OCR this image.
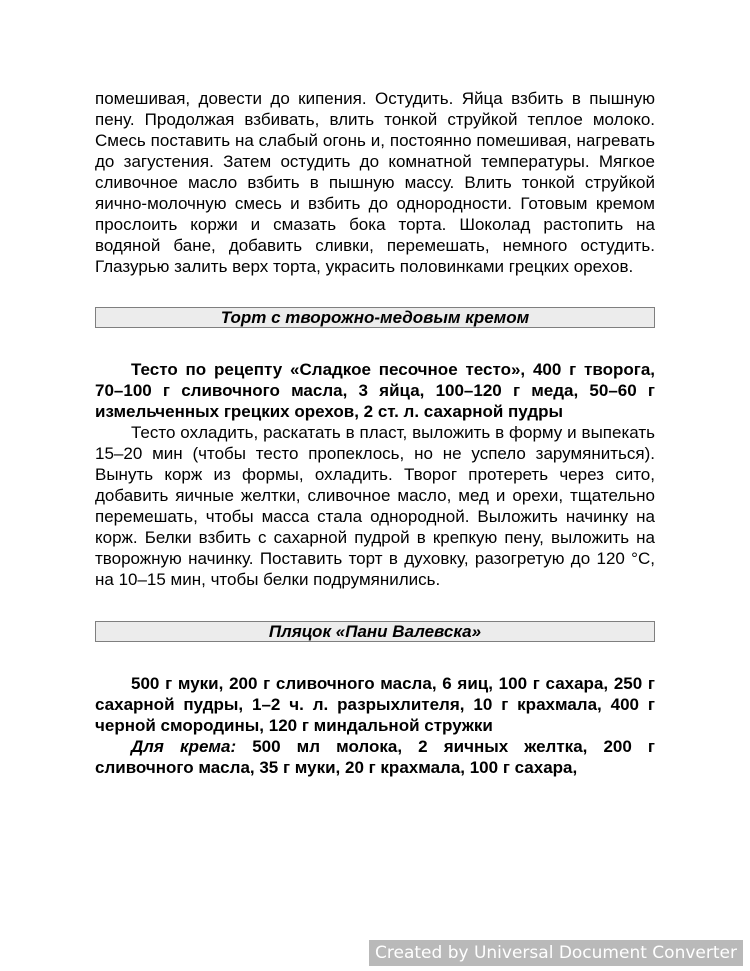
помешивая, довести до кипения. Остудить. Яйца взбить в пышную пену. Продолжая взбивать, влить тонкой струйкой теплое молоко. Смесь поставить на слабый огонь и, постоянно помешивая, нагревать до загустения. Затем остудить до комнатной температуры. Мягкое сливочное масло взбить в пышную массу. Влить тонкой струйкой яично-молочную смесь и взбить до однородности. Готовым кремом прослоить коржи и смазать бока торта. Шоколад растопить на водяной бане, добавить сливки, перемешать, немного остудить. Глазурью залить верх торта, украсить половинками грецких орехов.

Торт с творожно-медовым кремом

Тесто по рецепту «Сладкое песочное тесто», 400 г творога, 70–100 г сливочного масла, 3 яйца, 100–120 г меда, 50–60 г измельченных грецких орехов, 2 ст. л. сахарной пудры

Тесто охладить, раскатать в пласт, выложить в форму и выпекать 15–20 мин (чтобы тесто пропеклось, но не успело зарумяниться). Вынуть корж из формы, охладить. Творог протереть через сито, добавить яичные желтки, сливочное масло, мед и орехи, тщательно перемешать, чтобы масса стала однородной. Выложить начинку на корж. Белки взбить с сахарной пудрой в крепкую пену, выложить на творожную начинку. Поставить торт в духовку, разогретую до 120 °C, на 10–15 мин, чтобы белки подрумянились.

Пляцок «Пани Валевска»

500 г муки, 200 г сливочного масла, 6 яиц, 100 г сахара, 250 г сахарной пудры, 1–2 ч. л. разрыхлителя, 10 г крахмала, 400 г черной смородины, 120 г миндальной стружки

Для крема: 500 мл молока, 2 яичных желтка, 200 г сливочного масла, 35 г муки, 20 г крахмала, 100 г сахара,

Created by Universal Document Converter
